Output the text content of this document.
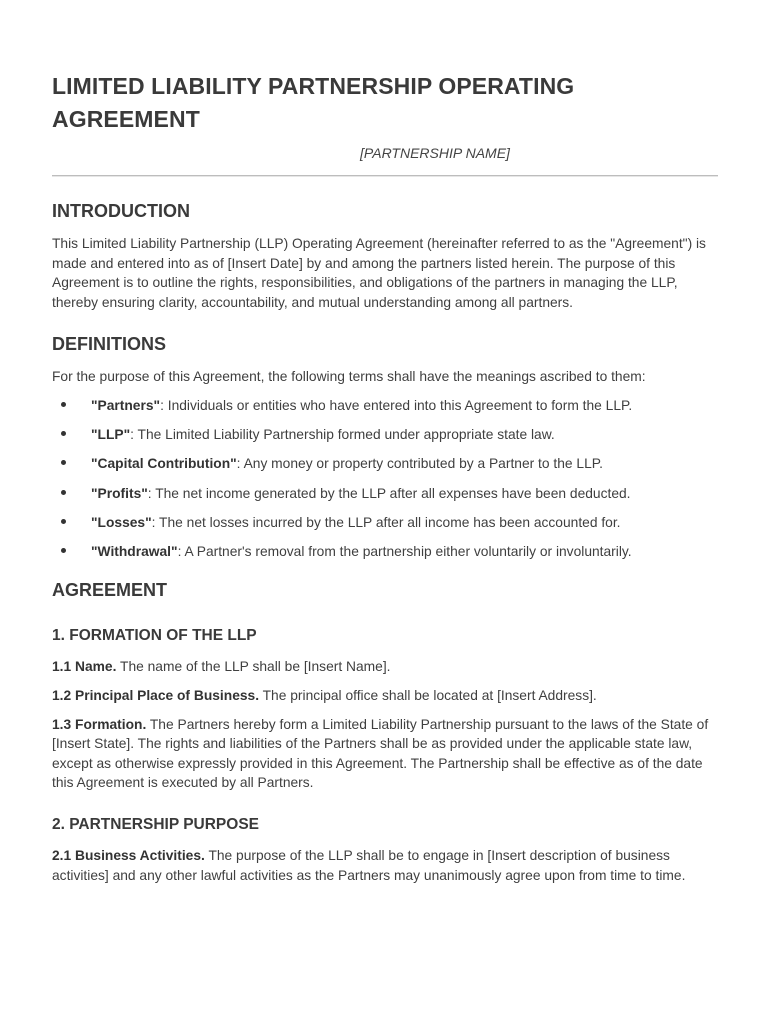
LIMITED LIABILITY PARTNERSHIP OPERATING AGREEMENT
[PARTNERSHIP NAME]
INTRODUCTION

This Limited Liability Partnership (LLP) Operating Agreement (hereinafter referred to as the "Agreement") is made and entered into as of [Insert Date] by and among the partners listed herein. The purpose of this Agreement is to outline the rights, responsibilities, and obligations of the partners in managing the LLP, thereby ensuring clarity, accountability, and mutual understanding among all partners.

DEFINITIONS

For the purpose of this Agreement, the following terms shall have the meanings ascribed to them:

"Partners": Individuals or entities who have entered into this Agreement to form the LLP.
"LLP": The Limited Liability Partnership formed under appropriate state law.
"Capital Contribution": Any money or property contributed by a Partner to the LLP.
"Profits": The net income generated by the LLP after all expenses have been deducted.
"Losses": The net losses incurred by the LLP after all income has been accounted for.
"Withdrawal": A Partner's removal from the partnership either voluntarily or involuntarily.
AGREEMENT
1. FORMATION OF THE LLP

1.1 Name. The name of the LLP shall be [Insert Name].

1.2 Principal Place of Business. The principal office shall be located at [Insert Address].

1.3 Formation. The Partners hereby form a Limited Liability Partnership pursuant to the laws of the State of [Insert State]. The rights and liabilities of the Partners shall be as provided under the applicable state law, except as otherwise expressly provided in this Agreement. The Partnership shall be effective as of the date this Agreement is executed by all Partners.

2. PARTNERSHIP PURPOSE

2.1 Business Activities. The purpose of the LLP shall be to engage in [Insert description of business activities] and any other lawful activities as the Partners may unanimously agree upon from time to time.
